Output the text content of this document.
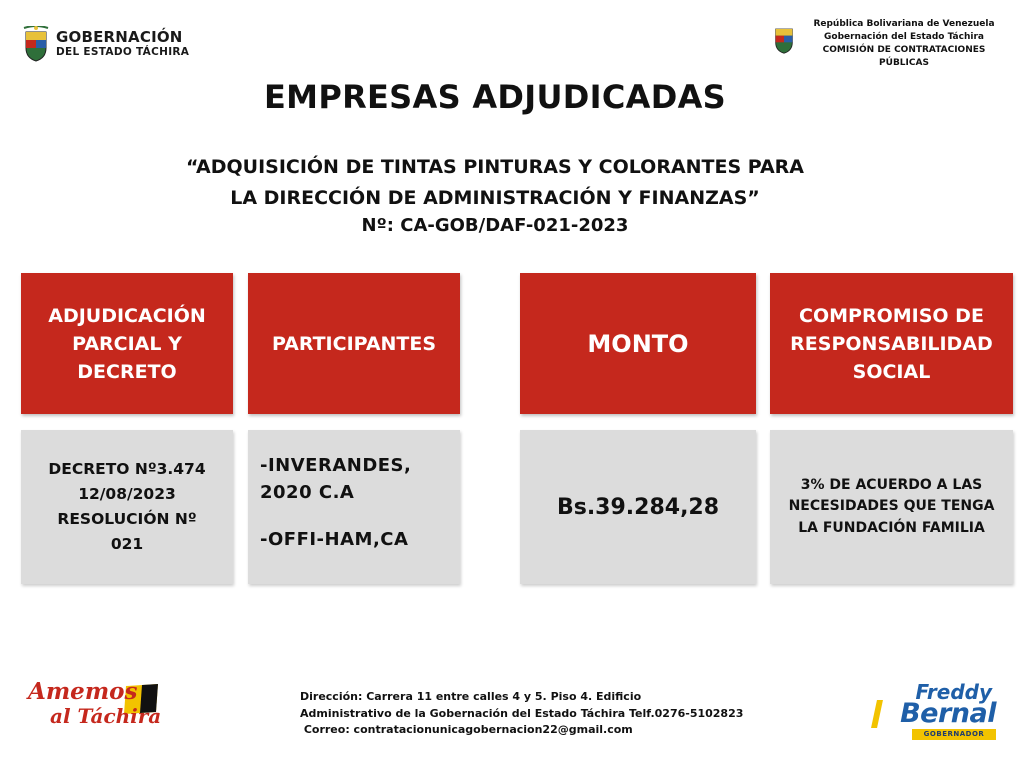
GOBERNACIÓN
DEL ESTADO TÁCHIRA
República Bolivariana de Venezuela
Gobernación del Estado Táchira
COMISIÓN DE CONTRATACIONES
PÚBLICAS
EMPRESAS ADJUDICADAS
“ADQUISICIÓN DE TINTAS PINTURAS Y COLORANTES PARA
LA DIRECCIÓN DE ADMINISTRACIÓN Y FINANZAS”
Nº: CA-GOB/DAF-021-2023
ADJUDICACIÓN PARCIAL Y DECRETO
PARTICIPANTES	MONTO
COMPROMISO DE RESPONSABILIDAD SOCIAL
DECRETO Nº3.474
12/08/2023
RESOLUCIÓN Nº
021
-INVERANDES, 2020 C.A
-OFFI-HAM,CA
Bs.39.284,28
3% DE ACUERDO A LAS NECESIDADES QUE TENGA LA FUNDACIÓN FAMILIA
Amemos
al Táchira
Dirección: Carrera 11 entre calles 4 y 5. Piso 4. Edificio
Administrativo de la Gobernación del Estado Táchira Telf.0276-5102823
Correo: contratacionunicagobernacion22@gmail.com
Freddy
Bernal
GOBERNADOR
